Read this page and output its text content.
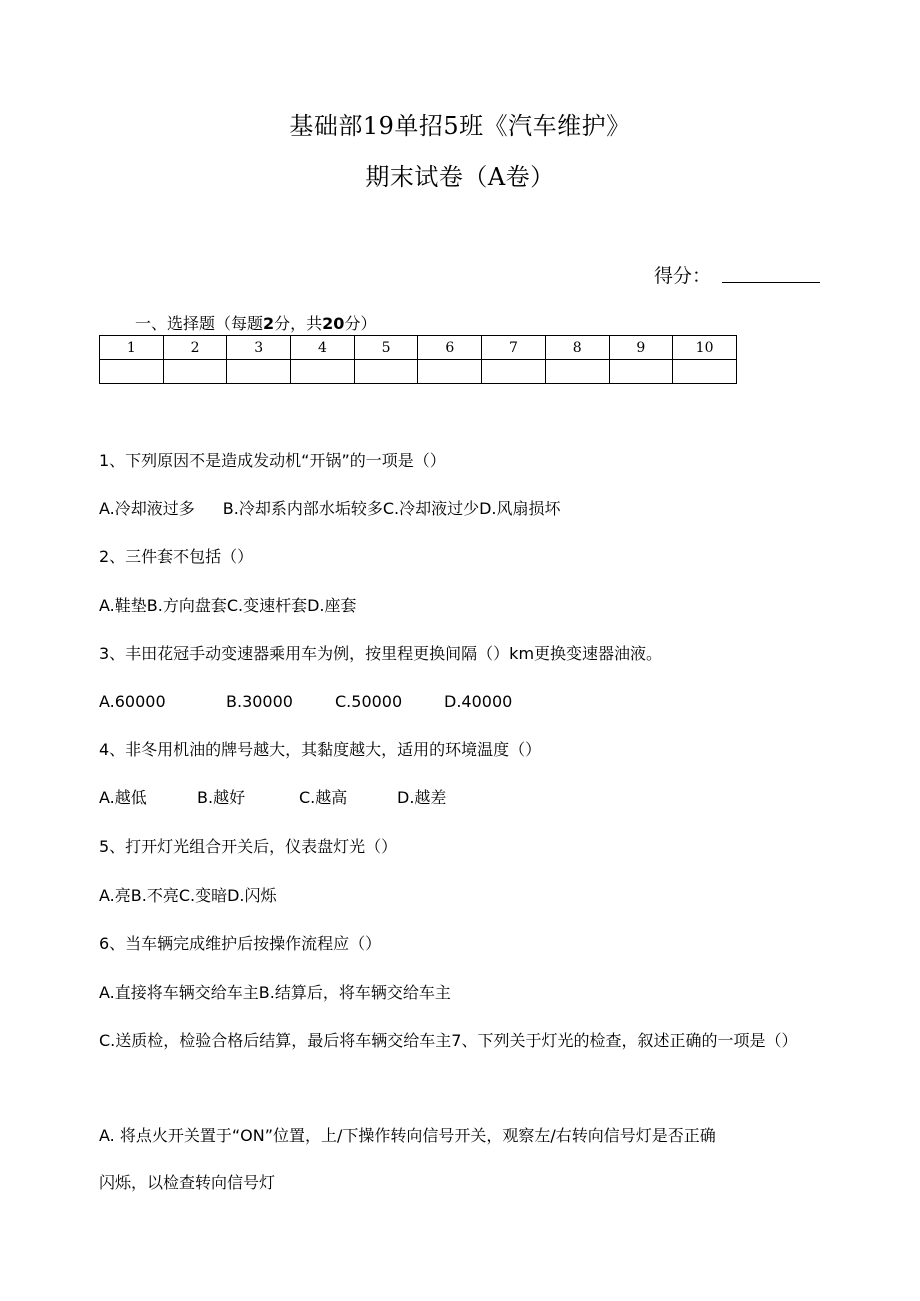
基础部19单招5班《汽车维护》
期末试卷（A卷）
得分：
一、选择题（每题2分，共20分）
1	2	3	4	5	6	7	8	9	10

1、下列原因不是造成发动机“开锅”的一项是（）
A.冷却液过多 B.冷却系内部水垢较多C.冷却液过少D.风扇损坏
2、三件套不包括（）
A.鞋垫B.方向盘套C.变速杆套D.座套
3、丰田花冠手动变速器乘用车为例，按里程更换间隔（）km更换变速器油液。
A.60000	B.30000	C.50000	D.40000
4、非冬用机油的牌号越大，其黏度越大，适用的环境温度（）
A.越低	B.越好	C.越高	D.越差
5、打开灯光组合开关后，仪表盘灯光（）
A.亮B.不亮C.变暗D.闪烁
6、当车辆完成维护后按操作流程应（）
A.直接将车辆交给车主B.结算后，将车辆交给车主
C.送质检，检验合格后结算，最后将车辆交给车主7、下列关于灯光的检查，叙述正确的一项是（）
A. 将点火开关置于“ON”位置，上/下操作转向信号开关，观察左/右转向信号灯是否正确
闪烁，以检查转向信号灯
